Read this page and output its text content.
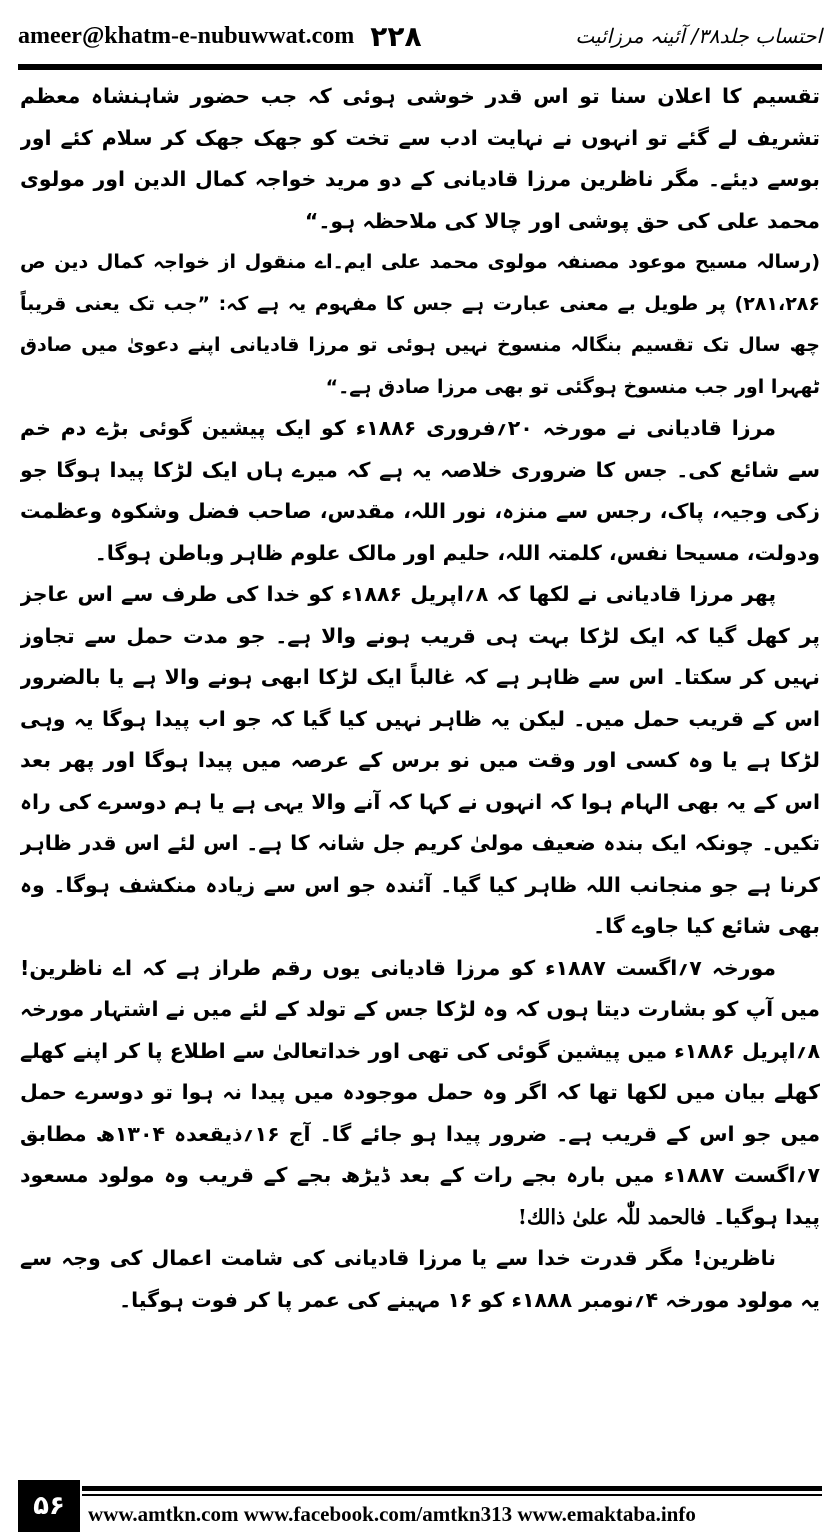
ameer@khatm-e-nubuwwat.com ۲۲۸	احتساب جلد۳۸/ آئینہ مرزائیت

تقسیم کا اعلان سنا تو اس قدر خوشی ہوئی کہ جب حضور شاہنشاہ معظم تشریف لے گئے تو انہوں نے نہایت ادب سے تخت کو جھک جھک کر سلام کئے اور بوسے دیئے۔ مگر ناظرین مرزا قادیانی کے دو مرید خواجہ کمال الدین اور مولوی محمد علی کی حق پوشی اور چالا کی ملاحظہ ہو۔“

(رسالہ مسیح موعود مصنفہ مولوی محمد علی ایم۔اے منقول از خواجہ کمال دین ص ۲۸۱،۲۸۶) پر طویل بے معنی عبارت ہے جس کا مفہوم یہ ہے کہ: ”جب تک یعنی قریباً چھ سال تک تقسیم بنگالہ منسوخ نہیں ہوئی تو مرزا قادیانی اپنے دعویٰ میں صادق ٹھہرا اور جب منسوخ ہوگئی تو بھی مرزا صادق ہے۔“

مرزا قادیانی نے مورخہ ۲۰؍فروری ۱۸۸۶ء کو ایک پیشین گوئی بڑے دم خم سے شائع کی۔ جس کا ضروری خلاصہ یہ ہے کہ میرے ہاں ایک لڑکا پیدا ہوگا جو زکی وجیہ، پاک، رجس سے منزہ، نور اللہ، مقدس، صاحب فضل وشکوہ وعظمت ودولت، مسیحا نفس، کلمتہ اللہ، حلیم اور مالک علوم ظاہر وباطن ہوگا۔

پھر مرزا قادیانی نے لکھا کہ ۸؍اپریل ۱۸۸۶ء کو خدا کی طرف سے اس عاجز پر کھل گیا کہ ایک لڑکا بہت ہی قریب ہونے والا ہے۔ جو مدت حمل سے تجاوز نہیں کر سکتا۔ اس سے ظاہر ہے کہ غالباً ایک لڑکا ابھی ہونے والا ہے یا بالضرور اس کے قریب حمل میں۔ لیکن یہ ظاہر نہیں کیا گیا کہ جو اب پیدا ہوگا یہ وہی لڑکا ہے یا وہ کسی اور وقت میں نو برس کے عرصہ میں پیدا ہوگا اور پھر بعد اس کے یہ بھی الہام ہوا کہ انہوں نے کہا کہ آنے والا یہی ہے یا ہم دوسرے کی راہ تکیں۔ چونکہ ایک بندہ ضعیف مولیٰ کریم جل شانہ کا ہے۔ اس لئے اس قدر ظاہر کرنا ہے جو منجانب اللہ ظاہر کیا گیا۔ آئندہ جو اس سے زیادہ منکشف ہوگا۔ وہ بھی شائع کیا جاوے گا۔

مورخہ ۷؍اگست ۱۸۸۷ء کو مرزا قادیانی یوں رقم طراز ہے کہ اے ناظرین! میں آپ کو بشارت دیتا ہوں کہ وہ لڑکا جس کے تولد کے لئے میں نے اشتہار مورخہ ۸؍اپریل ۱۸۸۶ء میں پیشین گوئی کی تھی اور خداتعالیٰ سے اطلاع پا کر اپنے کھلے کھلے بیان میں لکھا تھا کہ اگر وہ حمل موجودہ میں پیدا نہ ہوا تو دوسرے حمل میں جو اس کے قریب ہے۔ ضرور پیدا ہو جائے گا۔ آج ۱۶؍ذیقعدہ ۱۳۰۴ھ مطابق ۷؍اگست ۱۸۸۷ء میں بارہ بجے رات کے بعد ڈیڑھ بجے کے قریب وہ مولود مسعود پیدا ہوگیا۔ فالحمد للّٰہ علیٰ ذالك!

ناظرین! مگر قدرت خدا سے یا مرزا قادیانی کی شامت اعمال کی وجہ سے یہ مولود مورخہ ۴؍نومبر ۱۸۸۸ء کو ۱۶ مہینے کی عمر پا کر فوت ہوگیا۔

۵۶	www.amtkn.com www.facebook.com/amtkn313 www.emaktaba.info
